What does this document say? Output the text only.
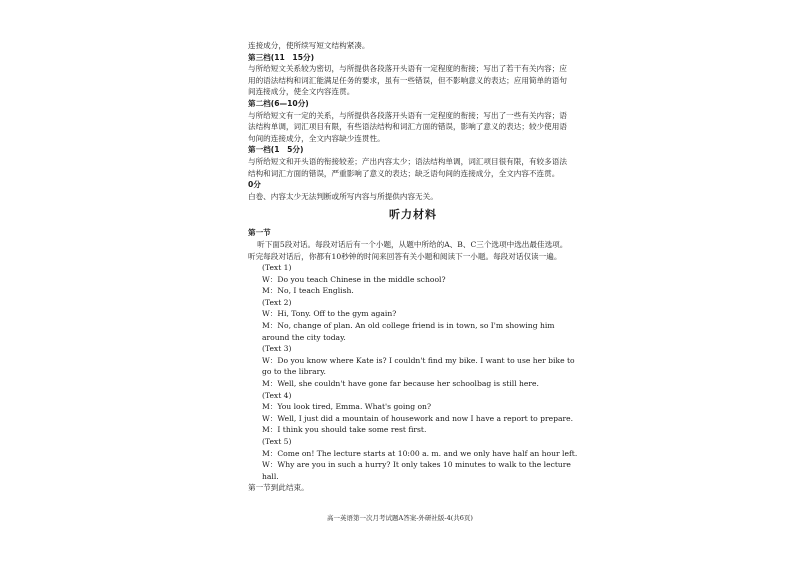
连接成分，使所续写短文结构紧凑。

第三档(11　15分)

与所给短文关系较为密切，与所提供各段落开头语有一定程度的衔接；写出了若干有关内容；应

用的语法结构和词汇能满足任务的要求，虽有一些错误，但不影响意义的表达；应用简单的语句

间连接成分，使全文内容连贯。

第二档(6—10分)

与所给短文有一定的关系，与所提供各段落开头语有一定程度的衔接；写出了一些有关内容；语

法结构单调，词汇项目有限，有些语法结构和词汇方面的错误，影响了意义的表达；较少使用语

句间的连接成分，全文内容缺少连贯性。

第一档(1　5分)

与所给短文和开头语的衔接较差；产出内容太少；语法结构单调，词汇项目很有限，有较多语法

结构和词汇方面的错误，严重影响了意义的表达；缺乏语句间的连接成分，全文内容不连贯。

0分

白卷、内容太少无法判断或所写内容与所提供内容无关。

听力材料

第一节

听下面5段对话。每段对话后有一个小题，从题中所给的A、B、C三个选项中选出最佳选项。

听完每段对话后，你都有10秒钟的时间来回答有关小题和阅读下一小题。每段对话仅读一遍。

(Text 1)

W：Do you teach Chinese in the middle school?

M：No, I teach English.

(Text 2)

W：Hi, Tony. Off to the gym again?

M：No, change of plan. An old college friend is in town, so I'm showing him around the city today.

(Text 3)

W：Do you know where Kate is? I couldn't find my bike. I want to use her bike to go to the library.

M：Well, she couldn't have gone far because her schoolbag is still here.

(Text 4)

M：You look tired, Emma. What's going on?

W：Well, I just did a mountain of housework and now I have a report to prepare.

M：I think you should take some rest first.

(Text 5)

M：Come on! The lecture starts at 10:00 a. m. and we only have half an hour left.

W：Why are you in such a hurry? It only takes 10 minutes to walk to the lecture hall.

第一节到此结束。

高一英语第一次月考试题A答案-外研社版-4(共6页)
